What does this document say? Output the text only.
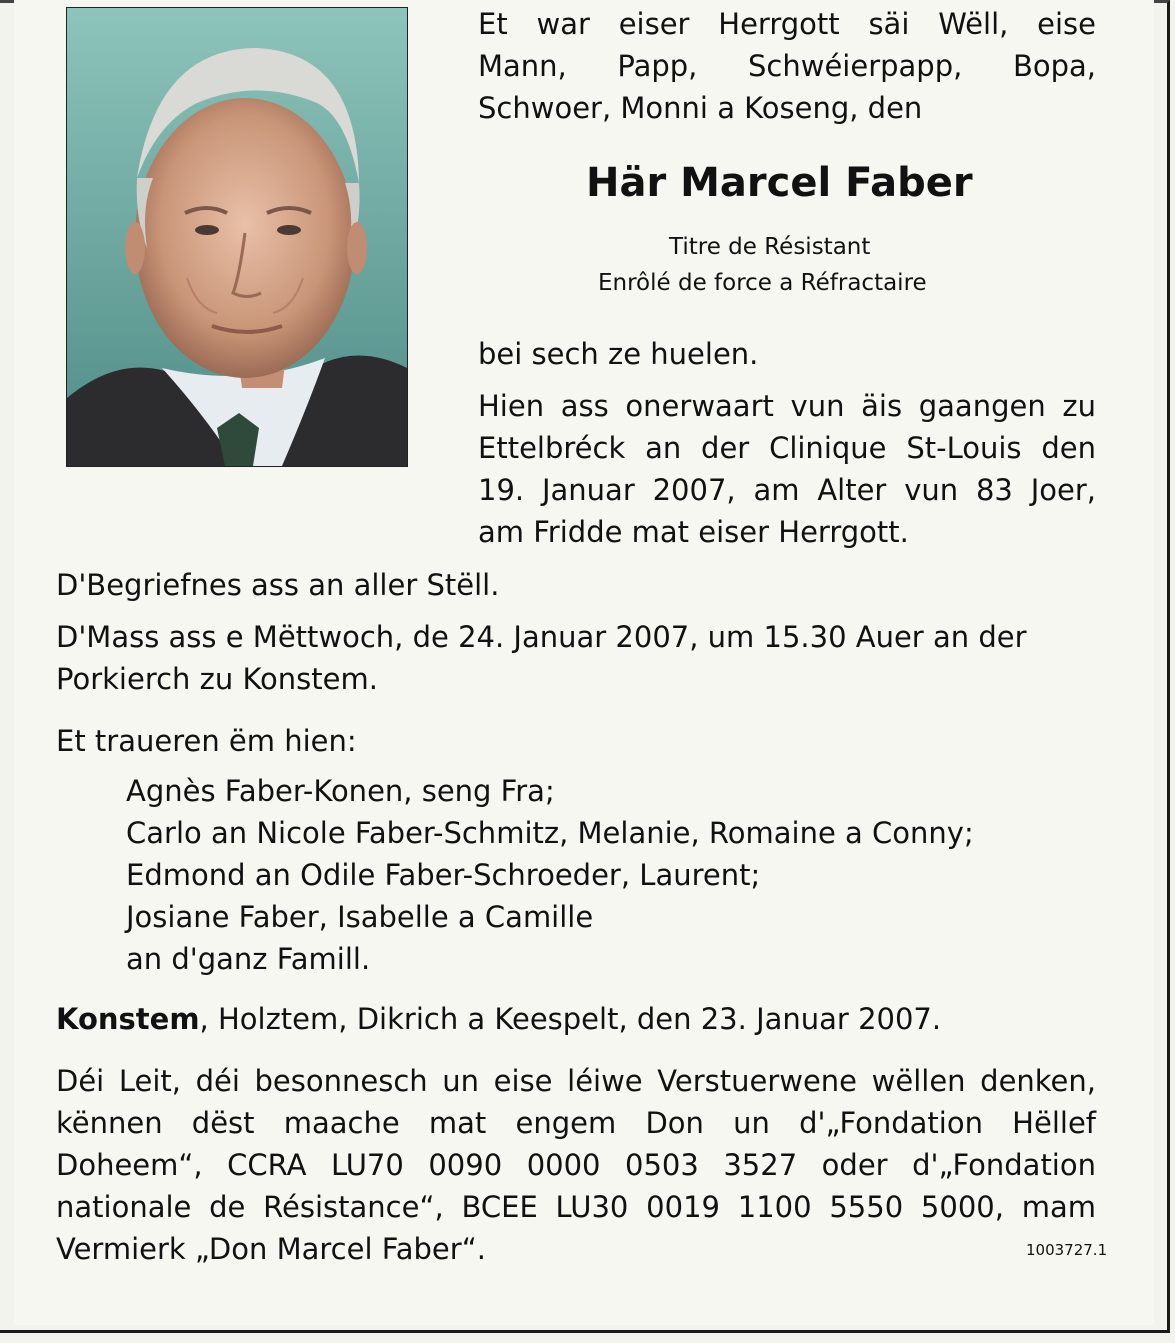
Et war eiser Herrgott säi Wëll, eise
Mann, Papp, Schwéierpapp, Bopa,
Schwoer, Monni a Koseng, den
Här Marcel Faber
Titre de Résistant
Enrôlé de force a Réfractaire
bei sech ze huelen.
Hien ass onerwaart vun äis gaangen zu
Ettelbréck an der Clinique St-Louis den
19. Januar 2007, am Alter vun 83 Joer,
am Fridde mat eiser Herrgott.
D'Begriefnes ass an aller Stëll.
D'Mass ass e Mëttwoch, de 24. Januar 2007, um 15.30 Auer an der
Porkierch zu Konstem.
Et traueren ëm hien:
Agnès Faber-Konen, seng Fra;
Carlo an Nicole Faber-Schmitz, Melanie, Romaine a Conny;
Edmond an Odile Faber-Schroeder, Laurent;
Josiane Faber, Isabelle a Camille
an d'ganz Famill.
Konstem, Holztem, Dikrich a Keespelt, den 23. Januar 2007.
Déi Leit, déi besonnesch un eise léiwe Verstuerwene wëllen denken,
kënnen dëst maache mat engem Don un d'„Fondation Hëllef
Doheem“, CCRA LU70 0090 0000 0503 3527 oder d'„Fondation
nationale de Résistance“, BCEE LU30 0019 1100 5550 5000, mam
Vermierk „Don Marcel Faber“.	1003727.1
